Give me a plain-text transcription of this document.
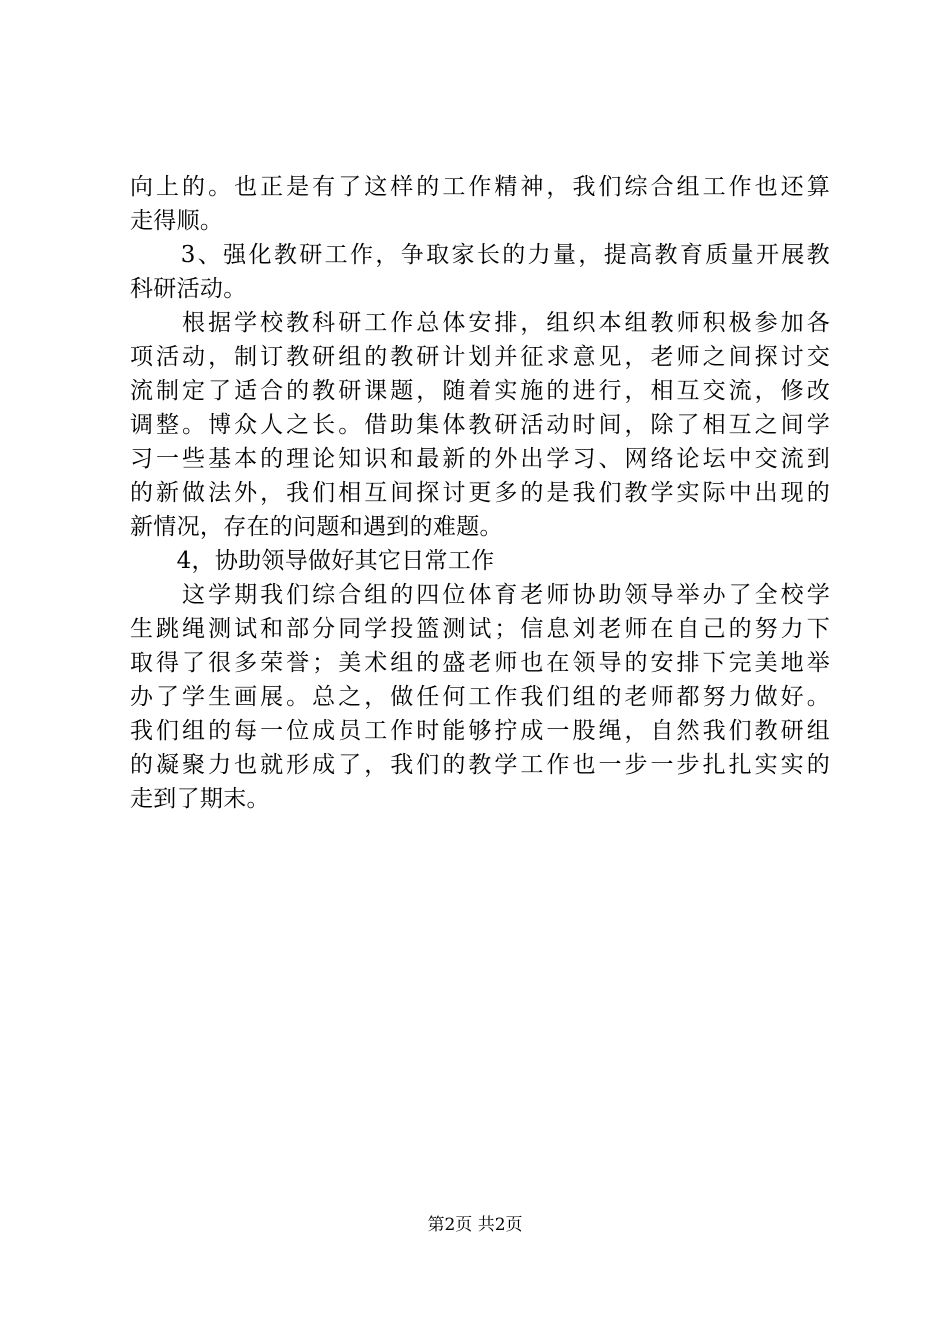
向上的。也正是有了这样的工作精神，我们综合组工作也还算
走得顺。
　　3、强化教研工作，争取家长的力量，提高教育质量开展教
科研活动。
　　根据学校教科研工作总体安排，组织本组教师积极参加各
项活动，制订教研组的教研计划并征求意见，老师之间探讨交
流制定了适合的教研课题，随着实施的进行，相互交流，修改
调整。博众人之长。借助集体教研活动时间，除了相互之间学
习一些基本的理论知识和最新的外出学习、网络论坛中交流到
的新做法外，我们相互间探讨更多的是我们教学实际中出现的
新情况，存在的问题和遇到的难题。
　　4，协助领导做好其它日常工作
　　这学期我们综合组的四位体育老师协助领导举办了全校学
生跳绳测试和部分同学投篮测试；信息刘老师在自己的努力下
取得了很多荣誉；美术组的盛老师也在领导的安排下完美地举
办了学生画展。总之，做任何工作我们组的老师都努力做好。
我们组的每一位成员工作时能够拧成一股绳，自然我们教研组
的凝聚力也就形成了，我们的教学工作也一步一步扎扎实实的
走到了期末。
第2页 共2页
